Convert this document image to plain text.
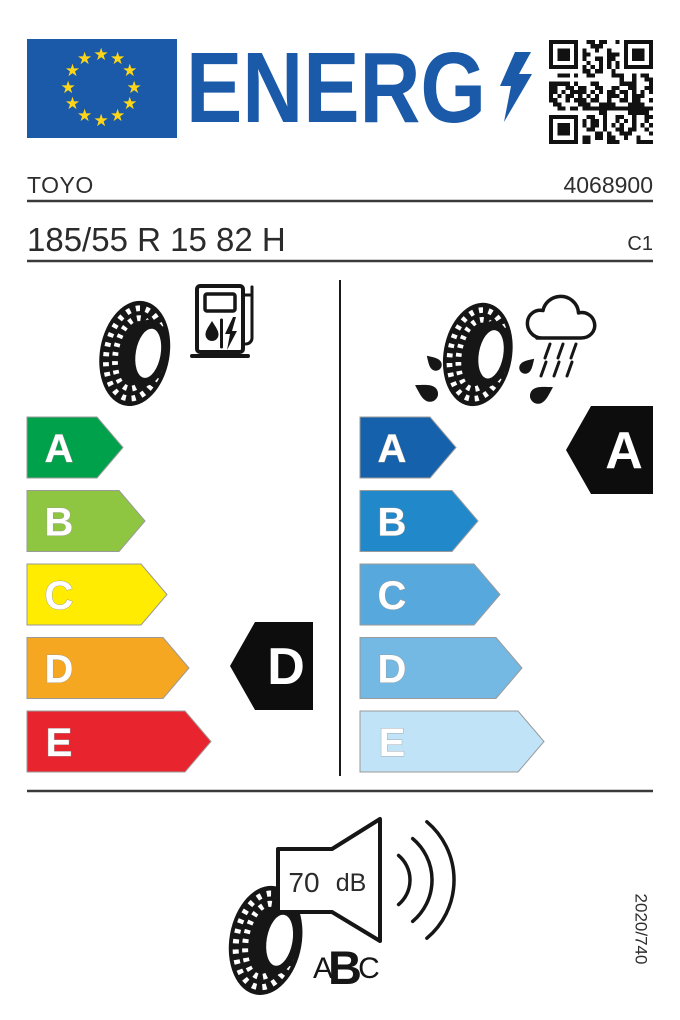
★ ★
★
★
★
★
★
★
★
★
★
★
TOYO	4068900
185/55 R 15 82 H	C1
2020/740
ENERG
A
B
C
D
E
D
A
B
C
D
E
A
70 dB
A
B
C
